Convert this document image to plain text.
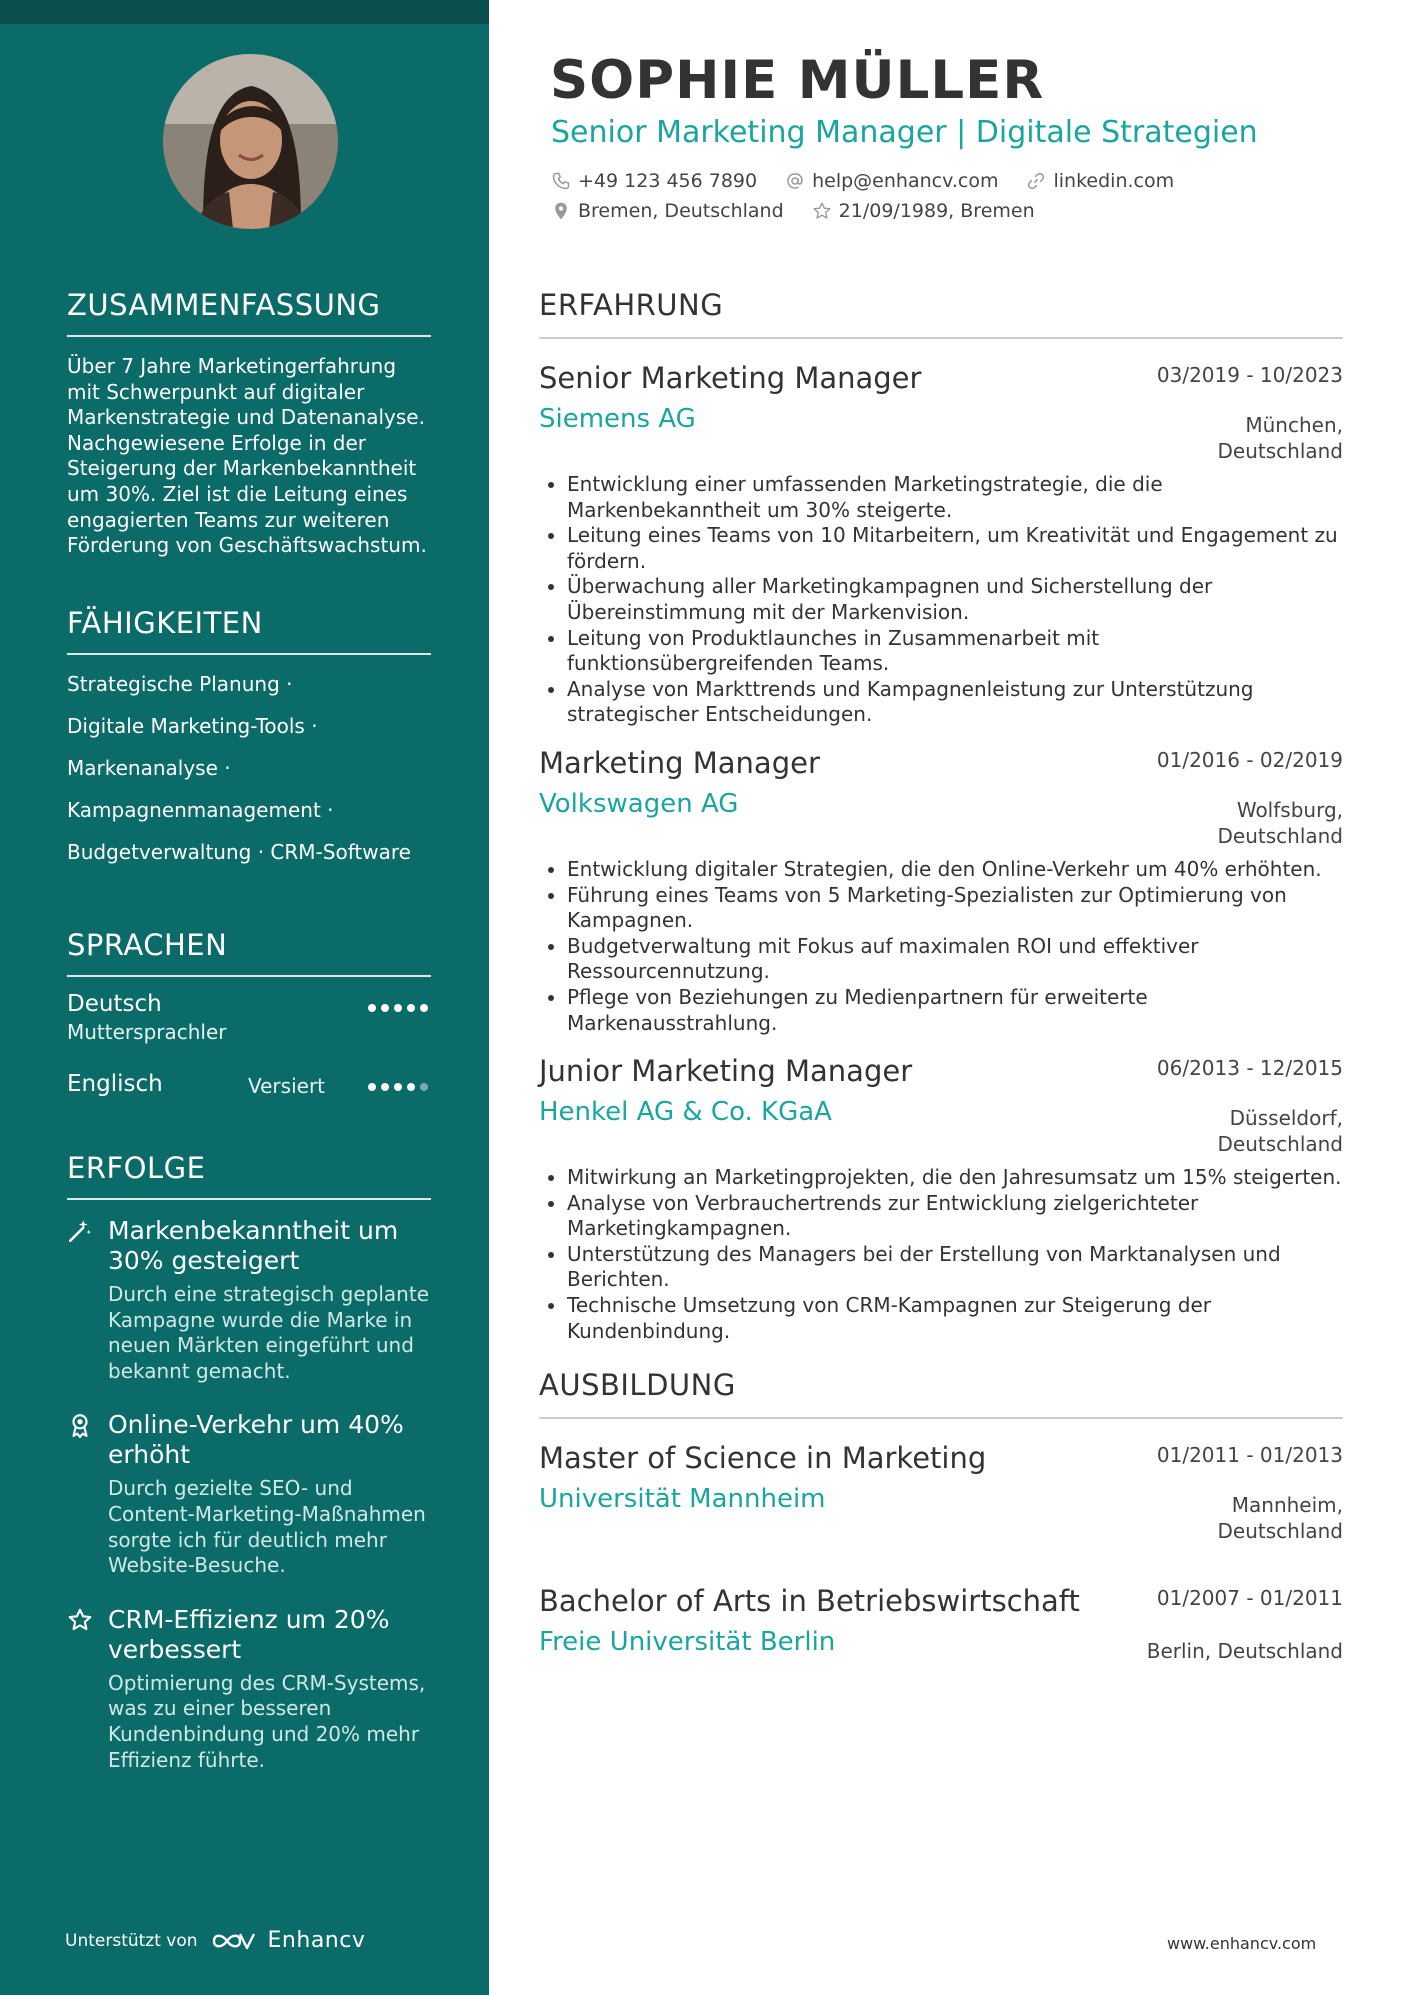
ZUSAMMENFASSUNG
Über 7 Jahre Marketingerfahrung mit Schwerpunkt auf digitaler Markenstrategie und Datenanalyse. Nachgewiesene Erfolge in der Steigerung der Markenbekanntheit um 30%. Ziel ist die Leitung eines engagierten Teams zur weiteren Förderung von Geschäftswachstum.
FÄHIGKEITEN
Strategische Planung ·
Digitale Marketing-Tools ·
Markenanalyse ·
Kampagnenmanagement ·
Budgetverwaltung · CRM-Software
SPRACHEN
Deutsch
Muttersprachler
Englisch	Versiert
ERFOLGE
Markenbekanntheit um 30% gesteigert
Durch eine strategisch geplante Kampagne wurde die Marke in neuen Märkten eingeführt und bekannt gemacht.
Online-Verkehr um 40% erhöht
Durch gezielte SEO- und Content-Marketing-Maßnahmen sorgte ich für deutlich mehr Website-Besuche.
CRM-Effizienz um 20% verbessert
Optimierung des CRM-Systems, was zu einer besseren Kundenbindung und 20% mehr Effizienz führte.
Unterstützt von	Enhancv
SOPHIE MÜLLER
Senior Marketing Manager | Digitale Strategien
+49 123 456 7890	help@enhancv.com	linkedin.com
Bremen, Deutschland	21/09/1989, Bremen
ERFAHRUNG
Senior Marketing Manager	03/2019 - 10/2023
Siemens AG	München,
Deutschland
• Entwicklung einer umfassenden Marketingstrategie, die die Markenbekanntheit um 30% steigerte.
• Leitung eines Teams von 10 Mitarbeitern, um Kreativität und Engagement zu fördern.
• Überwachung aller Marketingkampagnen und Sicherstellung der Übereinstimmung mit der Markenvision.
• Leitung von Produktlaunches in Zusammenarbeit mit funktionsübergreifenden Teams.
• Analyse von Markttrends und Kampagnenleistung zur Unterstützung strategischer Entscheidungen.
Marketing Manager	01/2016 - 02/2019
Volkswagen AG	Wolfsburg,
Deutschland
• Entwicklung digitaler Strategien, die den Online-Verkehr um 40% erhöhten.
• Führung eines Teams von 5 Marketing-Spezialisten zur Optimierung von Kampagnen.
• Budgetverwaltung mit Fokus auf maximalen ROI und effektiver Ressourcennutzung.
• Pflege von Beziehungen zu Medienpartnern für erweiterte Markenausstrahlung.
Junior Marketing Manager	06/2013 - 12/2015
Henkel AG & Co. KGaA	Düsseldorf,
Deutschland
• Mitwirkung an Marketingprojekten, die den Jahresumsatz um 15% steigerten.
• Analyse von Verbrauchertrends zur Entwicklung zielgerichteter Marketingkampagnen.
• Unterstützung des Managers bei der Erstellung von Marktanalysen und Berichten.
• Technische Umsetzung von CRM-Kampagnen zur Steigerung der Kundenbindung.
AUSBILDUNG
Master of Science in Marketing	01/2011 - 01/2013
Universität Mannheim	Mannheim,
Deutschland
Bachelor of Arts in Betriebswirtschaft	01/2007 - 01/2011
Freie Universität Berlin	Berlin, Deutschland
www.enhancv.com
